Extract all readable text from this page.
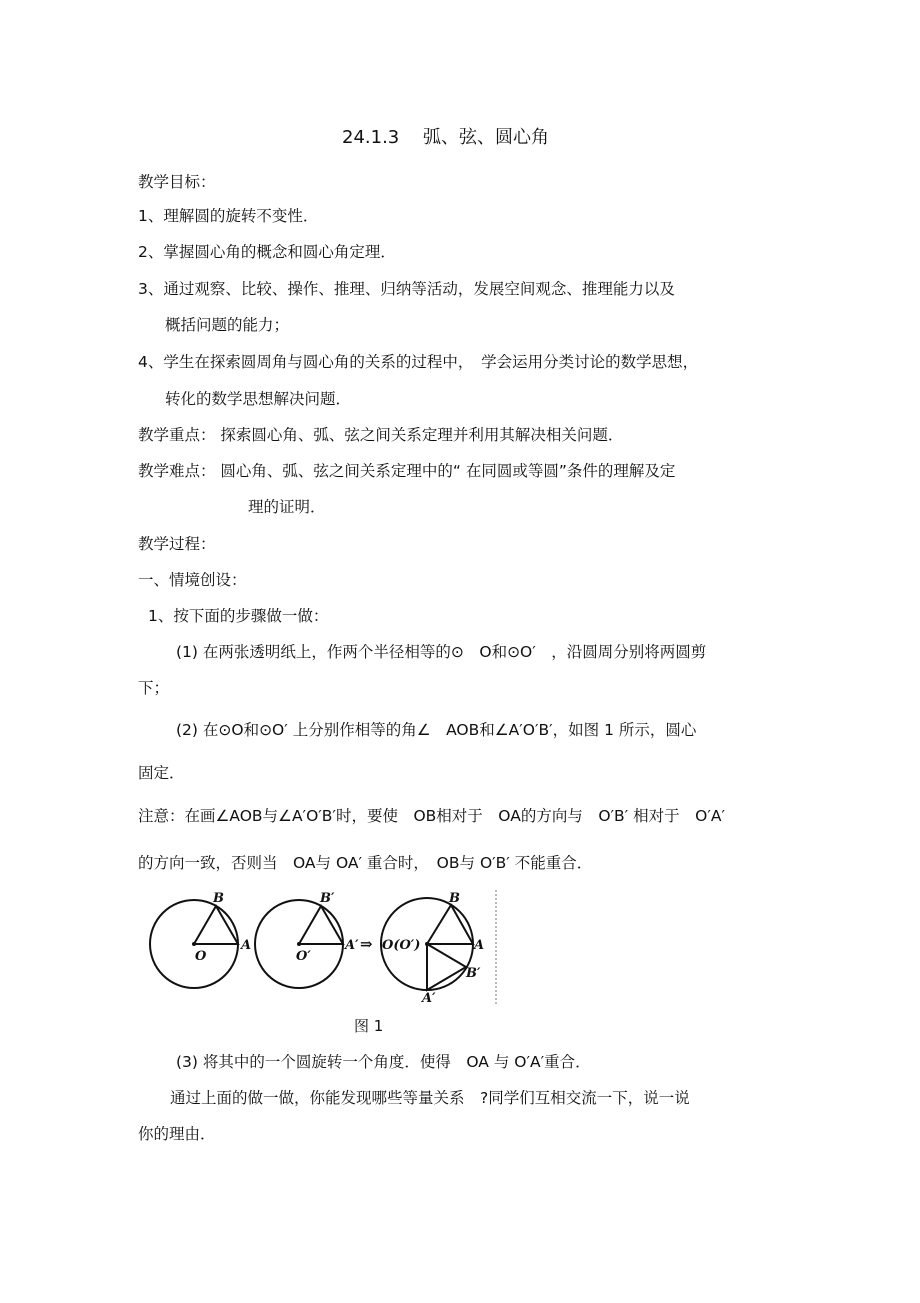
24.1.3　 弧、弦、圆心角
教学目标：
1、理解圆的旋转不变性．
2、掌握圆心角的概念和圆心角定理．
3、通过观察、比较、操作、推理、归纳等活动，发展空间观念、推理能力以及
概括问题的能力；
4、学生在探索圆周角与圆心角的关系的过程中，　学会运用分类讨论的数学思想，
转化的数学思想解决问题．
教学重点： 探索圆心角、弧、弦之间关系定理并利用其解决相关问题．
教学难点： 圆心角、弧、弦之间关系定理中的“ 在同圆或等圆”条件的理解及定
理的证明．
教学过程：
一、情境创设：
1、按下面的步骤做一做：
(1) 在两张透明纸上，作两个半径相等的⊙　O和⊙O′　，沿圆周分别将两圆剪
下；
(2) 在⊙O和⊙O′ 上分别作相等的角∠　AOB和∠A′O′B′，如图 1 所示，圆心
固定．
注意：在画∠AOB与∠A′O′B′时，要使　OB相对于　OA的方向与　O′B′ 相对于　O′A′
的方向一致，否则当　OA与 OA′ 重合时，　OB与 O′B′ 不能重合．
B
O
A
B′
O′
A′ ⇒ O(O′)
B
A
B′
A′
图 1
(3) 将其中的一个圆旋转一个角度．使得　OA 与 O′A′重合．
通过上面的做一做，你能发现哪些等量关系　?同学们互相交流一下，说一说
你的理由．
